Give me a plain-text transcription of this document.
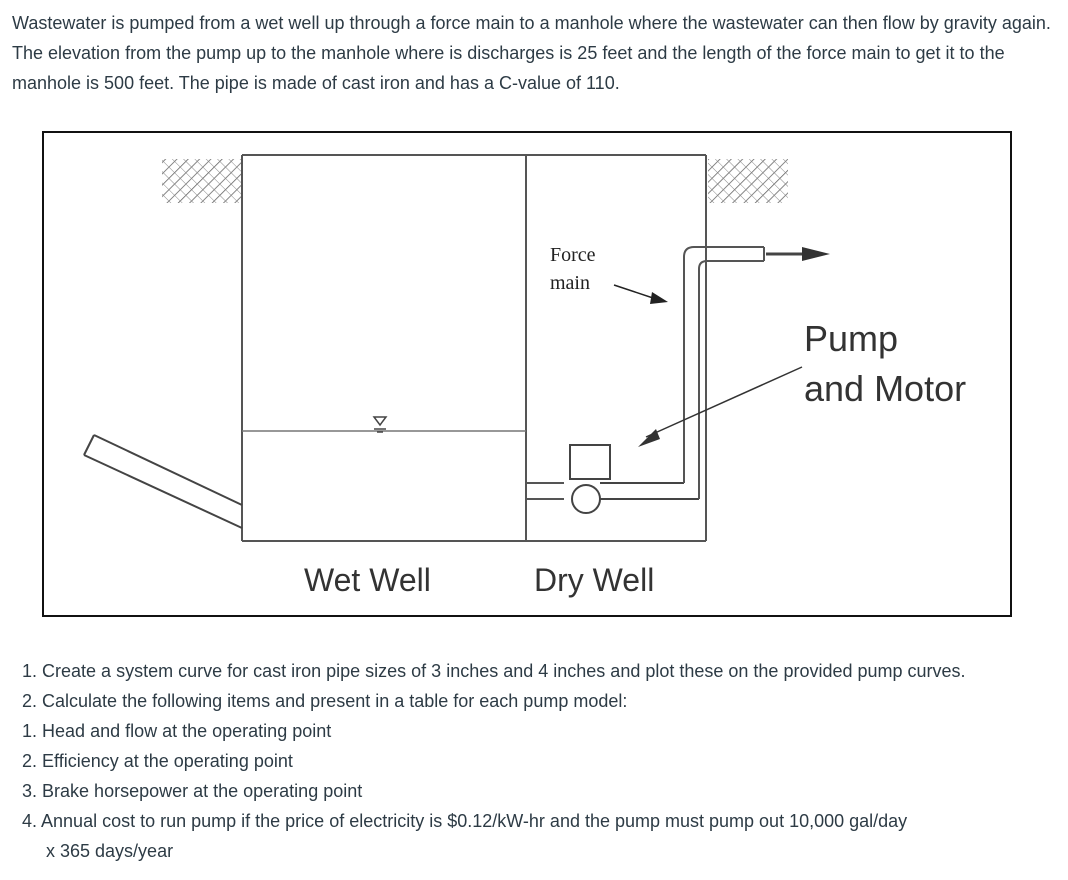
Wastewater is pumped from a wet well up through a force main to a manhole where the wastewater can then flow by gravity again. The elevation from the pump up to the manhole where is discharges is 25 feet and the length of the force main to get it to the manhole is 500 feet. The pipe is made of cast iron and has a C-value of 110.

Force
main
Pump
and Motor
Wet Well	Dry Well
1. Create a system curve for cast iron pipe sizes of 3 inches and 4 inches and plot these on the provided pump curves.
2. Calculate the following items and present in a table for each pump model:
1. Head and flow at the operating point
2. Efficiency at the operating point
3. Brake horsepower at the operating point
4. Annual cost to run pump if the price of electricity is $0.12/kW-hr and the pump must pump out 10,000 gal/day
x 365 days/year
